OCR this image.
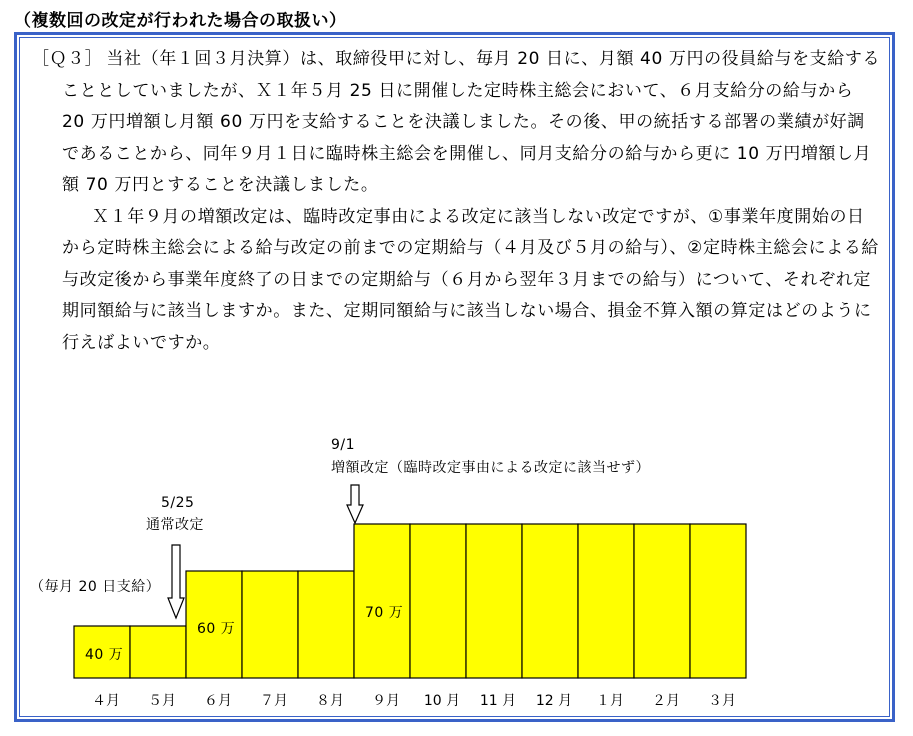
（複数回の改定が行われた場合の取扱い）

［Ｑ３］  当社（年１回３月決算）は、取締役甲に対し、毎月 20 日に、月額 40 万円の役員給与を支給することとしていましたが、Ｘ１年５月 25 日に開催した定時株主総会において、６月支給分の給与から 20 万円増額し月額 60 万円を支給することを決議しました。その後、甲の統括する部署の業績が好調であることから、同年９月１日に臨時株主総会を開催し、同月支給分の給与から更に 10 万円増額し月額 70 万円とすることを決議しました。

Ｘ１年９月の増額改定は、臨時改定事由による改定に該当しない改定ですが、①事業年度開始の日から定時株主総会による給与改定の前までの定期給与（４月及び５月の給与）、②定時株主総会による給与改定後から事業年度終了の日までの定期給与（６月から翌年３月までの給与）について、それぞれ定期同額給与に該当しますか。また、定期同額給与に該当しない場合、損金不算入額の算定はどのように行えばよいですか。

9/1
増額改定（臨時改定事由による改定に該当せず）
5/25
通常改定
（毎月 20 日支給）
40 万
60 万
70 万
４月 ５月 ６月 ７月 ８月 ９月 10 月 11 月 12 月 １月 ２月 ３月
